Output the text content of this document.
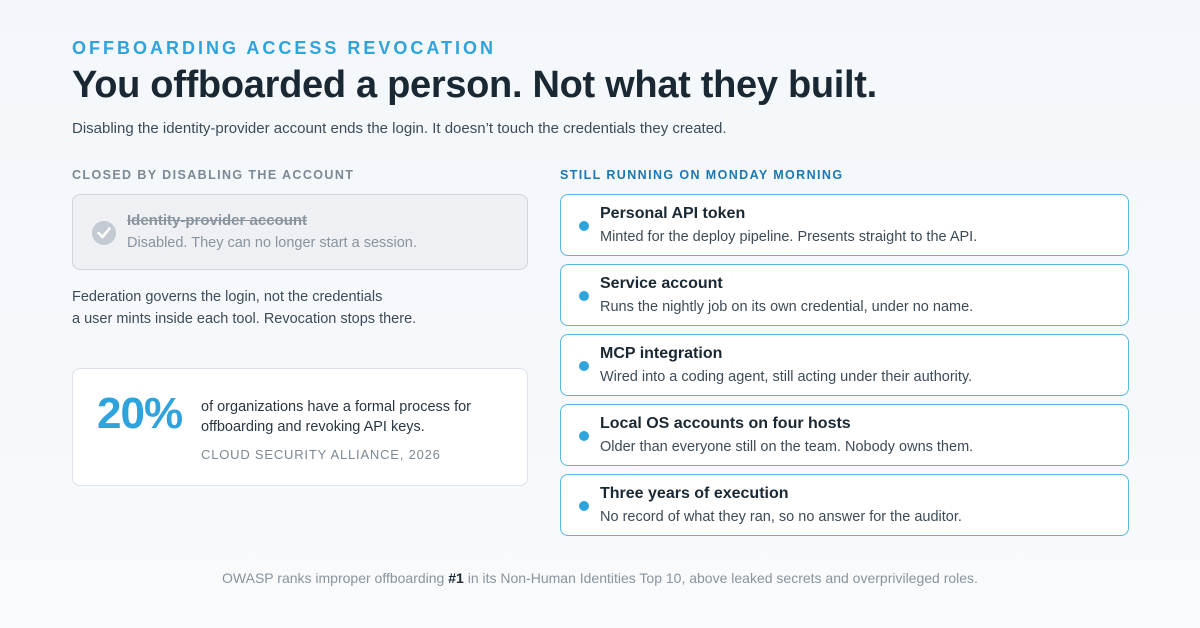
OFFBOARDING ACCESS REVOCATION
You offboarded a person. Not what they built.

Disabling the identity-provider account ends the login. It doesn’t touch the credentials they created.

CLOSED BY DISABLING THE ACCOUNT	STILL RUNNING ON MONDAY MORNING
Identity-provider account
Disabled. They can no longer start a session.
Federation governs the login, not the credentials
a user mints inside each tool. Revocation stops there.
20% of organizations have a formal process for offboarding and revoking API keys.
CLOUD SECURITY ALLIANCE, 2026
Personal API token
Minted for the deploy pipeline. Presents straight to the API.
Service account
Runs the nightly job on its own credential, under no name.
MCP integration
Wired into a coding agent, still acting under their authority.
Local OS accounts on four hosts
Older than everyone still on the team. Nobody owns them.
Three years of execution
No record of what they ran, so no answer for the auditor.
OWASP ranks improper offboarding #1 in its Non-Human Identities Top 10, above leaked secrets and overprivileged roles.
